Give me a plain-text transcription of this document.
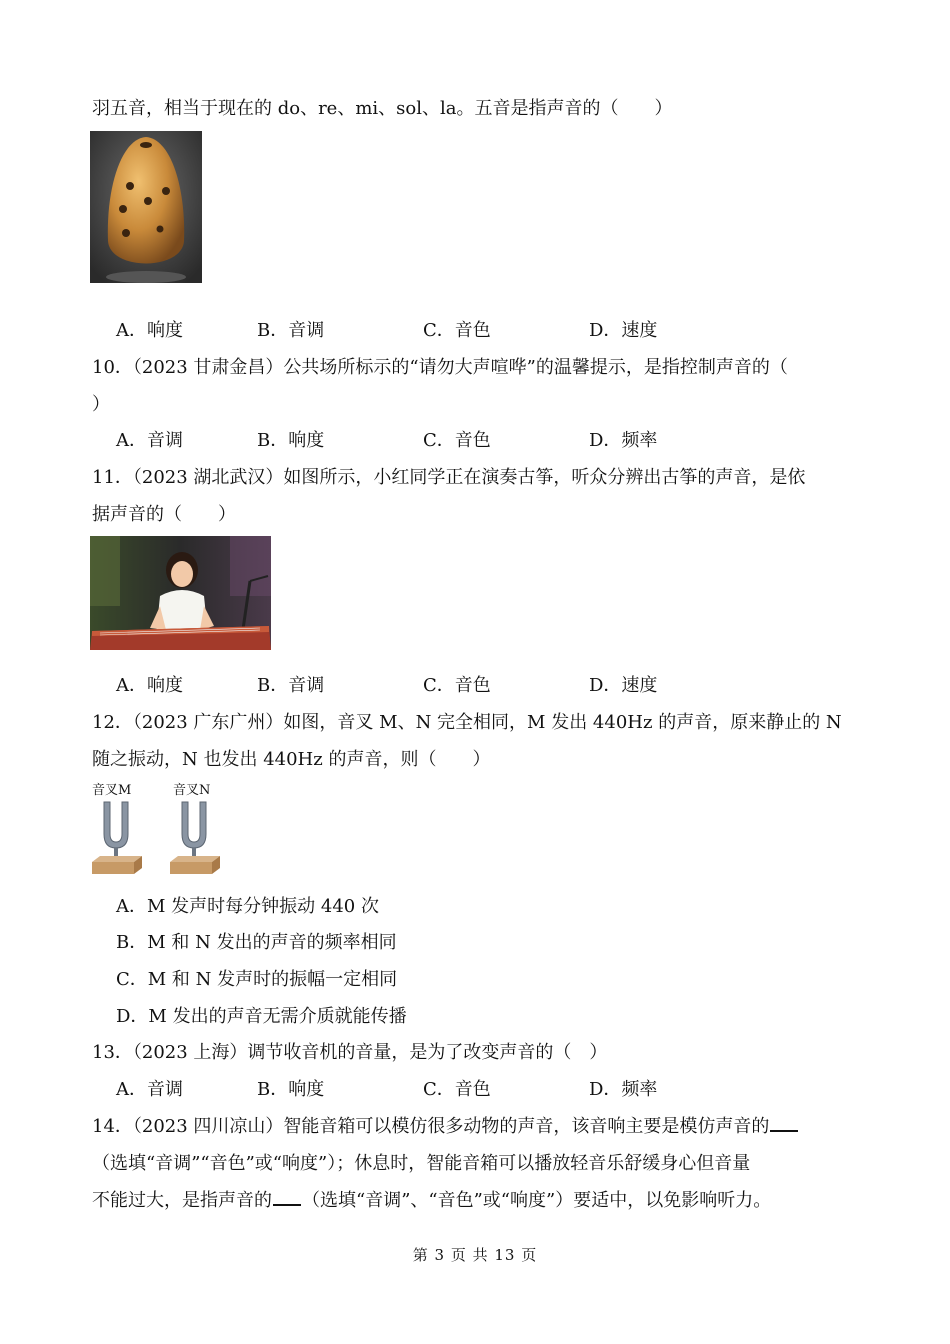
羽五音，相当于现在的 do、re、mi、sol、la。五音是指声音的（　　）
A．响度	B．音调	C．音色	D．速度
10．（2023 甘肃金昌）公共场所标示的“请勿大声喧哗”的温馨提示，是指控制声音的（
）
A．音调	B．响度	C．音色	D．频率
11．（2023 湖北武汉）如图所示，小红同学正在演奏古筝，听众分辨出古筝的声音，是依
据声音的（　　）
A．响度	B．音调	C．音色	D．速度
12．（2023 广东广州）如图，音叉 M、N 完全相同，M 发出 440Hz 的声音，原来静止的 N
随之振动，N 也发出 440Hz 的声音，则（　　）
音叉M	音叉N
A．M 发声时每分钟振动 440 次
B．M 和 N 发出的声音的频率相同
C．M 和 N 发声时的振幅一定相同
D．M 发出的声音无需介质就能传播
13．（2023 上海）调节收音机的音量，是为了改变声音的（　）
A．音调	B．响度	C．音色	D．频率
14．（2023 四川凉山）智能音箱可以模仿很多动物的声音，该音响主要是模仿声音的
（选填“音调”“音色”或“响度”）；休息时，智能音箱可以播放轻音乐舒缓身心但音量
不能过大，是指声音的 （选填“音调”、“音色”或“响度”）要适中，以免影响听力。
第 3 页 共 13 页
